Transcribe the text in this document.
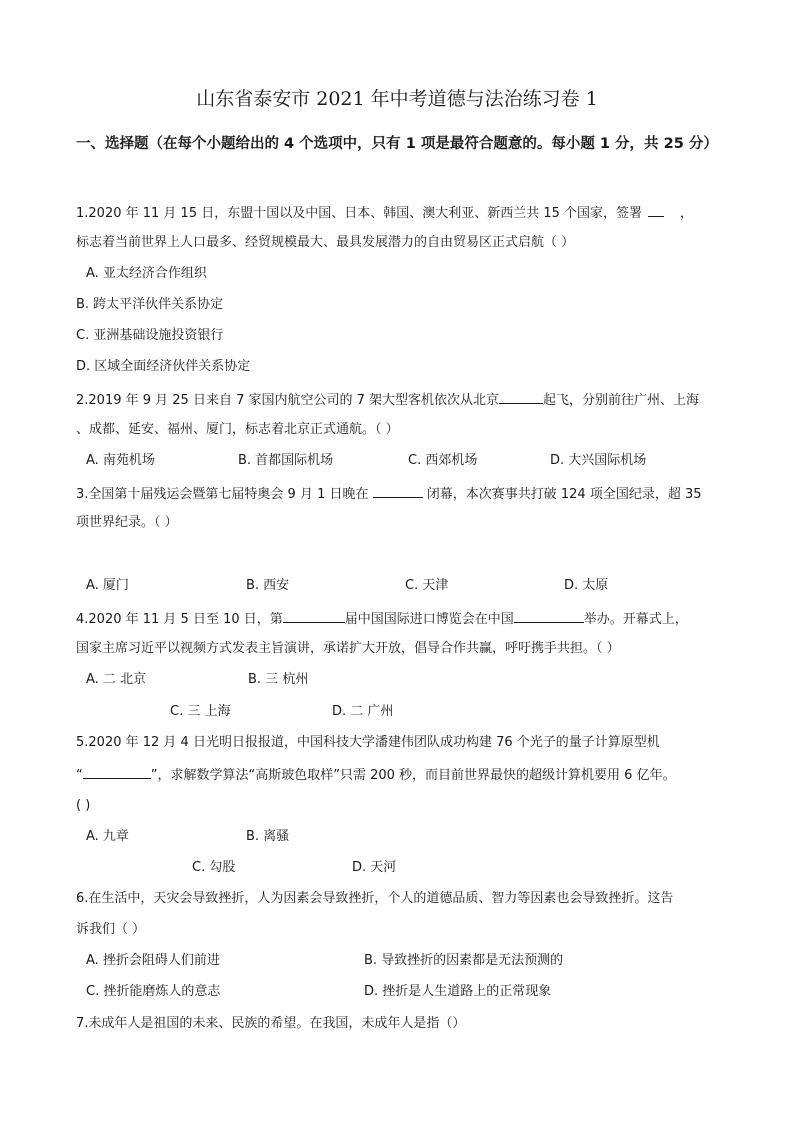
山东省泰安市 2021 年中考道德与法治练习卷 1
一、选择题（在每个小题给出的 4 个选项中，只有 1 项是最符合题意的。每小题 1 分，共 25 分）
1.2020 年 11 月 15 日，东盟十国以及中国、日本、韩国、澳大利亚、新西兰共 15 个国家，签署	，
标志着当前世界上人口最多、经贸规模最大、最具发展潜力的自由贸易区正式启航（ ）
A. 亚太经济合作组织
B. 跨太平洋伙伴关系协定
C. 亚洲基础设施投资银行
D. 区域全面经济伙伴关系协定
2.2019 年 9 月 25 日来自 7 家国内航空公司的 7 架大型客机依次从北京	起飞，分别前往广州、上海
、成都、延安、福州、厦门，标志着北京正式通航。（ ）
A. 南苑机场	B. 首都国际机场	C. 西郊机场	D. 大兴国际机场
3.全国第十届残运会暨第七届特奥会 9 月 1 日晚在	闭幕，本次赛事共打破 124 项全国纪录，超 35
项世界纪录。（ ）
A. 厦门	B. 西安	C. 天津	D. 太原
4.2020 年 11 月 5 日至 10 日，第	届中国国际进口博览会在中国	举办。开幕式上，
国家主席习近平以视频方式发表主旨演讲，承诺扩大开放，倡导合作共赢，呼吁携手共担。（ ）
A. 二 北京	B. 三 杭州
C. 三 上海	D. 二 广州
5.2020 年 12 月 4 日光明日报报道，中国科技大学潘建伟团队成功构建 76 个光子的量子计算原型机
“	”，求解数学算法“高斯玻色取样”只需 200 秒，而目前世界最快的超级计算机要用 6 亿年。
( )
A. 九章	B. 离骚
C. 勾股	D. 天河
6.在生活中，天灾会导致挫折，人为因素会导致挫折，个人的道德品质、智力等因素也会导致挫折。这告
诉我们（ ）
A. 挫折会阻碍人们前进	B. 导致挫折的因素都是无法预测的
C. 挫折能磨炼人的意志	D. 挫折是人生道路上的正常现象
7.未成年人是祖国的未来、民族的希望。在我国，未成年人是指（）
